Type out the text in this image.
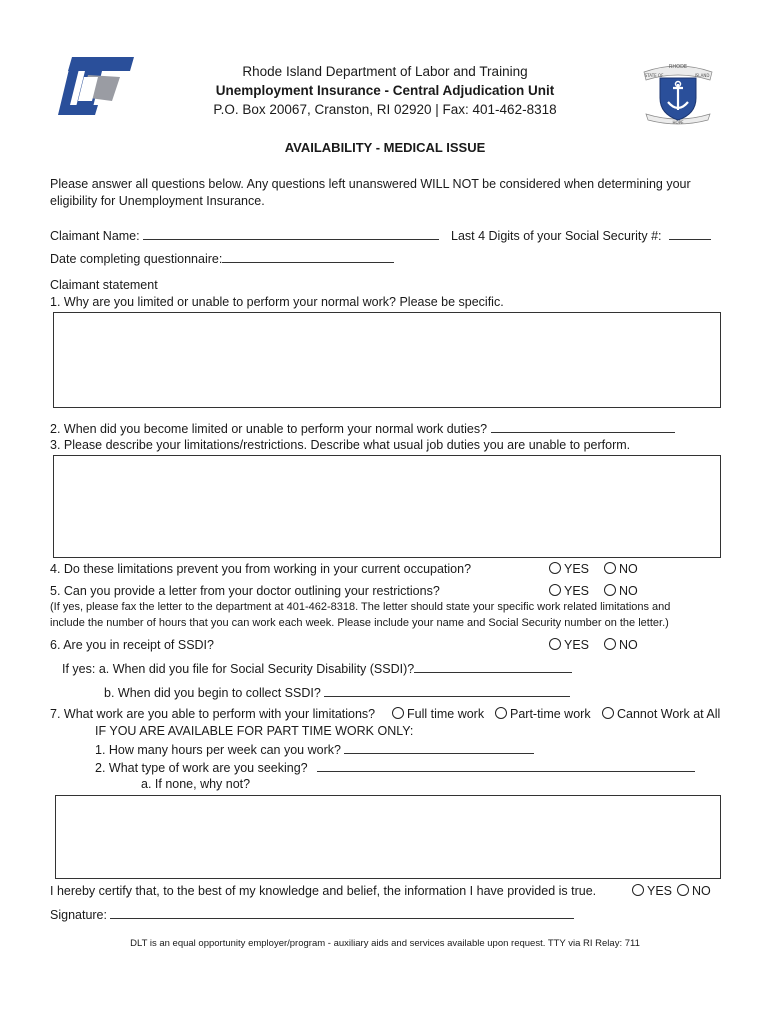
RHODE
STATE OF	ISLAND
HOPE
Rhode Island Department of Labor and Training
Unemployment Insurance - Central Adjudication Unit
P.O. Box 20067, Cranston, RI 02920 | Fax: 401-462-8318
AVAILABILITY - MEDICAL ISSUE
Please answer all questions below. Any questions left unanswered WILL NOT be considered when determining your
eligibility for Unemployment Insurance.
Claimant Name:	Last 4 Digits of your Social Security #:
Date completing questionnaire:
Claimant statement
1. Why are you limited or unable to perform your normal work? Please be specific.
2. When did you become limited or unable to perform your normal work duties?
3. Please describe your limitations/restrictions. Describe what usual job duties you are unable to perform.
4. Do these limitations prevent you from working in your current occupation?	YES	NO
5. Can you provide a letter from your doctor outlining your restrictions?	YES	NO
(If yes, please fax the letter to the department at 401-462-8318. The letter should state your specific work related limitations and
include the number of hours that you can work each week. Please include your name and Social Security number on the letter.)
6. Are you in receipt of SSDI?	YES	NO
If yes: a. When did you file for Social Security Disability (SSDI)?
b. When did you begin to collect SSDI?
7. What work are you able to perform with your limitations?	Full time work	Part-time work	Cannot Work at All
IF YOU ARE AVAILABLE FOR PART TIME WORK ONLY:
1. How many hours per week can you work?
2. What type of work are you seeking?
a. If none, why not?
I hereby certify that, to the best of my knowledge and belief, the information I have provided is true.	YES	NO
Signature:
DLT is an equal opportunity employer/program - auxiliary aids and services available upon request. TTY via RI Relay: 711
